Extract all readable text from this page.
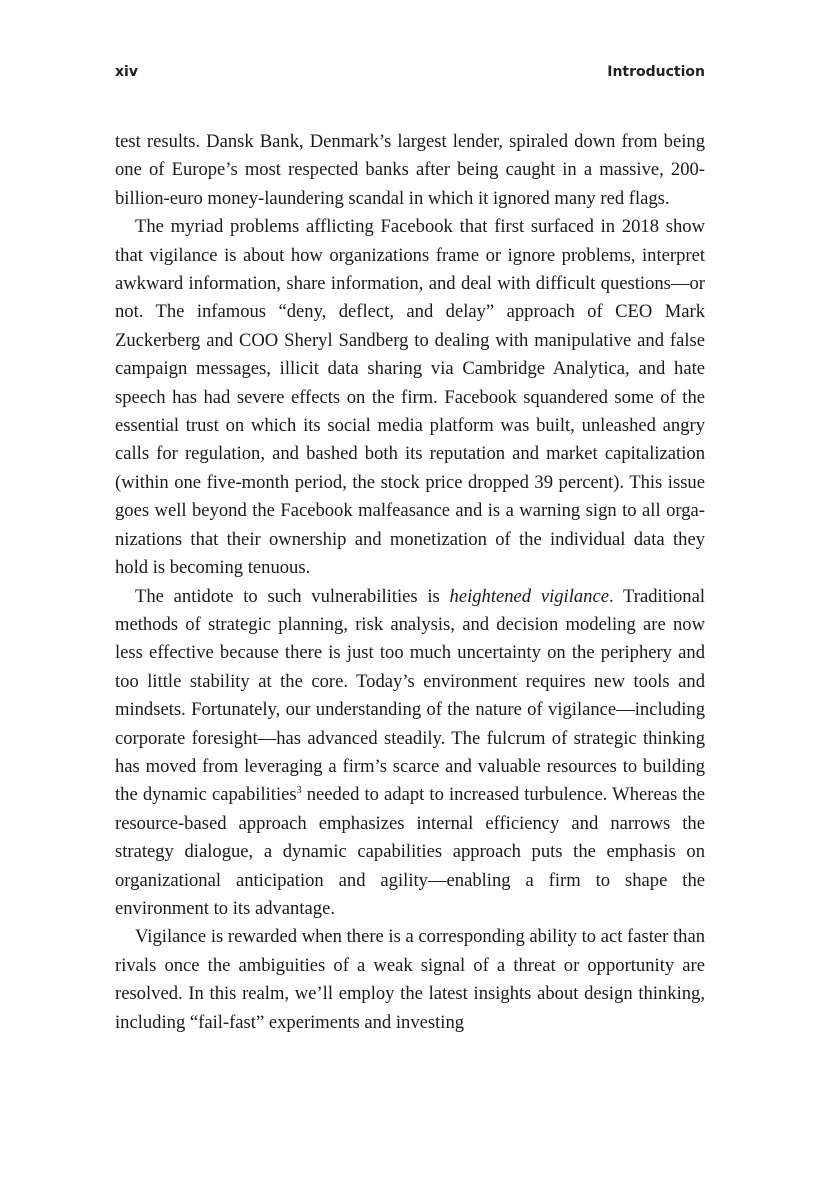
xiv	Introduction

test results. Dansk Bank, Denmark’s largest lender, spiraled down from being one of Europe’s most respected banks after being caught in a massive, 200-billion-euro money-laundering scandal in which it ignored many red flags.

The myriad problems afflicting Facebook that first surfaced in 2018 show that vigilance is about how organizations frame or ignore problems, interpret awkward information, share information, and deal with difficult questions—or not. The infamous “deny, deflect, and delay” approach of CEO Mark Zuckerberg and COO Sheryl Sandberg to dealing with manipulative and false campaign messages, illicit data sharing via Cambridge Analytica, and hate speech has had severe effects on the firm. Facebook squandered some of the essential trust on which its social media platform was built, unleashed angry calls for regulation, and bashed both its reputation and market capitalization (within one five-month period, the stock price dropped 39 percent). This issue goes well beyond the Facebook malfeasance and is a warning sign to all organizations that their ownership and monetization of the individual data they hold is becoming tenuous.

The antidote to such vulnerabilities is heightened vigilance. Traditional methods of strategic planning, risk analysis, and decision modeling are now less effective because there is just too much uncertainty on the periphery and too little stability at the core. Today’s environment requires new tools and mindsets. Fortunately, our understanding of the nature of vigilance—including corporate foresight—has advanced steadily. The fulcrum of strategic thinking has moved from leveraging a firm’s scarce and valuable resources to building the dynamic capabilities$^3$ needed to adapt to increased turbulence. Whereas the resource-based approach emphasizes internal efficiency and narrows the strategy dialogue, a dynamic capabilities approach puts the emphasis on organizational anticipation and agility—enabling a firm to shape the environment to its advantage.

Vigilance is rewarded when there is a corresponding ability to act faster than rivals once the ambiguities of a weak signal of a threat or opportunity are resolved. In this realm, we’ll employ the latest insights about design thinking, including “fail-fast” experiments and investing
